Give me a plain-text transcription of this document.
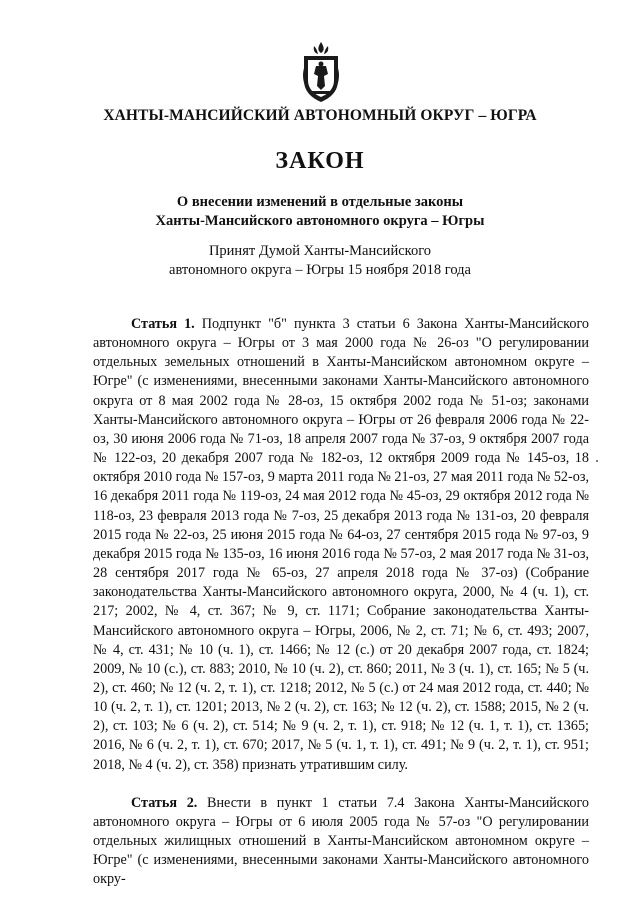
ХАНТЫ-МАНСИЙСКИЙ АВТОНОМНЫЙ ОКРУГ – ЮГРА
ЗАКОН
О внесении изменений в отдельные законы
Ханты-Мансийского автономного округа – Югры
Принят Думой Ханты-Мансийского
автономного округа – Югры 15 ноября 2018 года

Статья 1. Подпункт "б" пункта 3 статьи 6 Закона Ханты-Мансийского автономного округа – Югры от 3 мая 2000 года № 26-оз "О регулировании отдельных земельных отношений в Ханты-Мансийском автономном округе – Югре" (с изменениями, внесенными законами Ханты-Мансийского автономного округа от 8 мая 2002 года № 28-оз, 15 октября 2002 года № 51-оз; законами Ханты-Мансийского автономного округа – Югры от 26 февраля 2006 года № 22-оз, 30 июня 2006 года № 71-оз, 18 апреля 2007 года № 37-оз, 9 октября 2007 года № 122-оз, 20 декабря 2007 года № 182-оз, 12 октября 2009 года № 145-оз, 18 октября 2010 года № 157-оз, 9 марта 2011 года № 21-оз, 27 мая 2011 года № 52-оз, 16 декабря 2011 года № 119-оз, 24 мая 2012 года № 45-оз, 29 октября 2012 года № 118-оз, 23 февраля 2013 года № 7-оз, 25 декабря 2013 года № 131-оз, 20 февраля 2015 года № 22-оз, 25 июня 2015 года № 64-оз, 27 сентября 2015 года № 97-оз, 9 декабря 2015 года № 135-оз, 16 июня 2016 года № 57-оз, 2 мая 2017 года № 31-оз, 28 сентября 2017 года № 65-оз, 27 апреля 2018 года № 37-оз) (Собрание законодательства Ханты-Мансийского автономного округа, 2000, № 4 (ч. 1), ст. 217; 2002, № 4, ст. 367; № 9, ст. 1171; Собрание законодательства Ханты-Мансийского автономного округа – Югры, 2006, № 2, ст. 71; № 6, ст. 493; 2007, № 4, ст. 431; № 10 (ч. 1), ст. 1466; № 12 (с.) от 20 декабря 2007 года, ст. 1824; 2009, № 10 (с.), ст. 883; 2010, № 10 (ч. 2), ст. 860; 2011, № 3 (ч. 1), ст. 165; № 5 (ч. 2), ст. 460; № 12 (ч. 2, т. 1), ст. 1218; 2012, № 5 (с.) от 24 мая 2012 года, ст. 440; № 10 (ч. 2, т. 1), ст. 1201; 2013, № 2 (ч. 2), ст. 163; № 12 (ч. 2), ст. 1588; 2015, № 2 (ч. 2), ст. 103; № 6 (ч. 2), ст. 514; № 9 (ч. 2, т. 1), ст. 918; № 12 (ч. 1, т. 1), ст. 1365; 2016, № 6 (ч. 2, т. 1), ст. 670; 2017, № 5 (ч. 1, т. 1), ст. 491; № 9 (ч. 2, т. 1), ст. 951; 2018, № 4 (ч. 2), ст. 358) признать утратившим силу.

Статья 2. Внести в пункт 1 статьи 7.4 Закона Ханты-Мансийского автономного округа – Югры от 6 июля 2005 года № 57-оз "О регулировании отдельных жилищных отношений в Ханты-Мансийском автономном округе – Югре" (с изменениями, внесенными законами Ханты-Мансийского автономного окру-
